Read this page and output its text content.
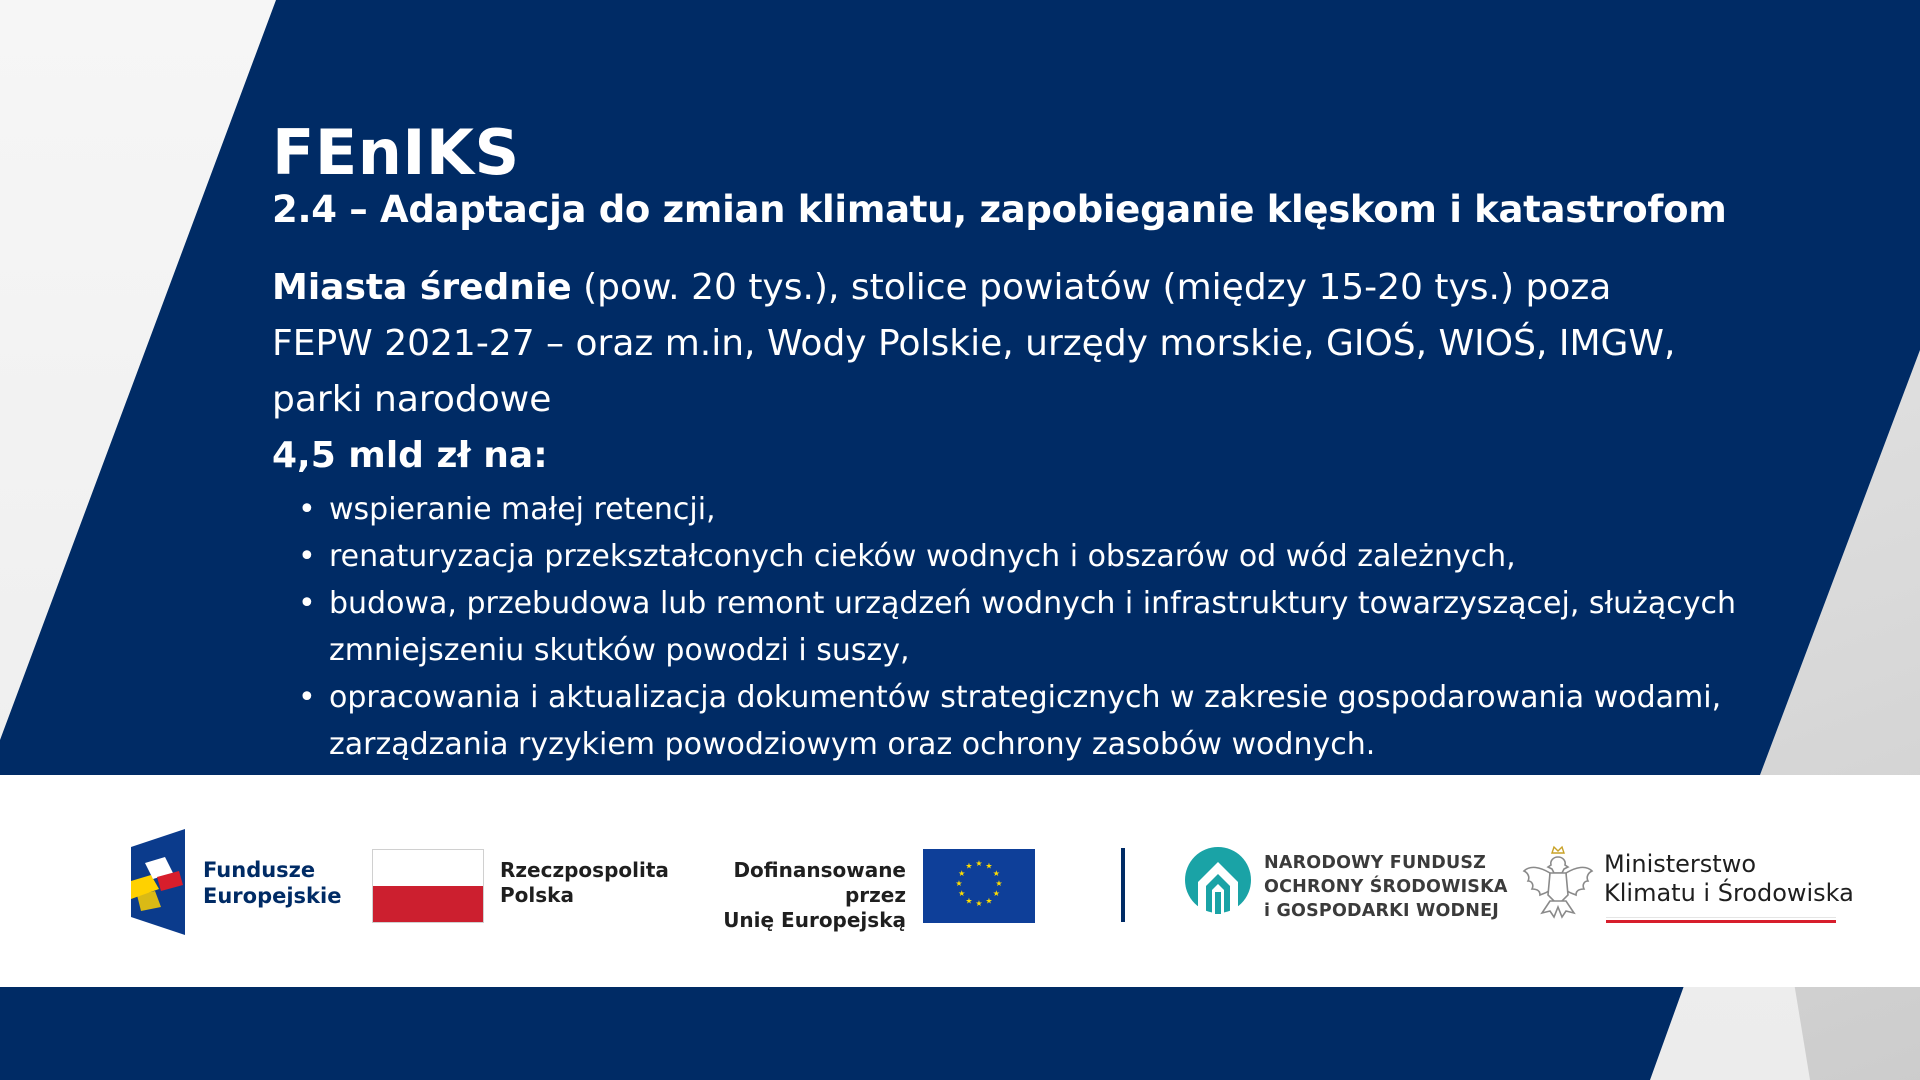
FEnIKS
2.4 – Adaptacja do zmian klimatu, zapobieganie klęskom i katastrofom
Miasta średnie (pow. 20 tys.), stolice powiatów (między 15-20 tys.) poza FEPW 2021-27 – oraz m.in, Wody Polskie, urzędy morskie, GIOŚ, WIOŚ, IMGW, parki narodowe
4,5 mld zł na:
• wspieranie małej retencji,
• renaturyzacja przekształconych cieków wodnych i obszarów od wód zależnych,
• budowa, przebudowa lub remont urządzeń wodnych i infrastruktury towarzyszącej, służących zmniejszeniu skutków powodzi i suszy,
• opracowania i aktualizacja dokumentów strategicznych w zakresie gospodarowania wodami, zarządzania ryzykiem powodziowym oraz ochrony zasobów wodnych.
Fundusze
Europejskie
Rzeczpospolita
Polska
Dofinansowane przez
Unię Europejską
★ ★
★
★
★
★
★
★
★
★
★
★	NARODOWY FUNDUSZ
OCHRONY ŚRODOWISKA
i GOSPODARKI WODNEJ
Ministerstwo
Klimatu i Środowiska
